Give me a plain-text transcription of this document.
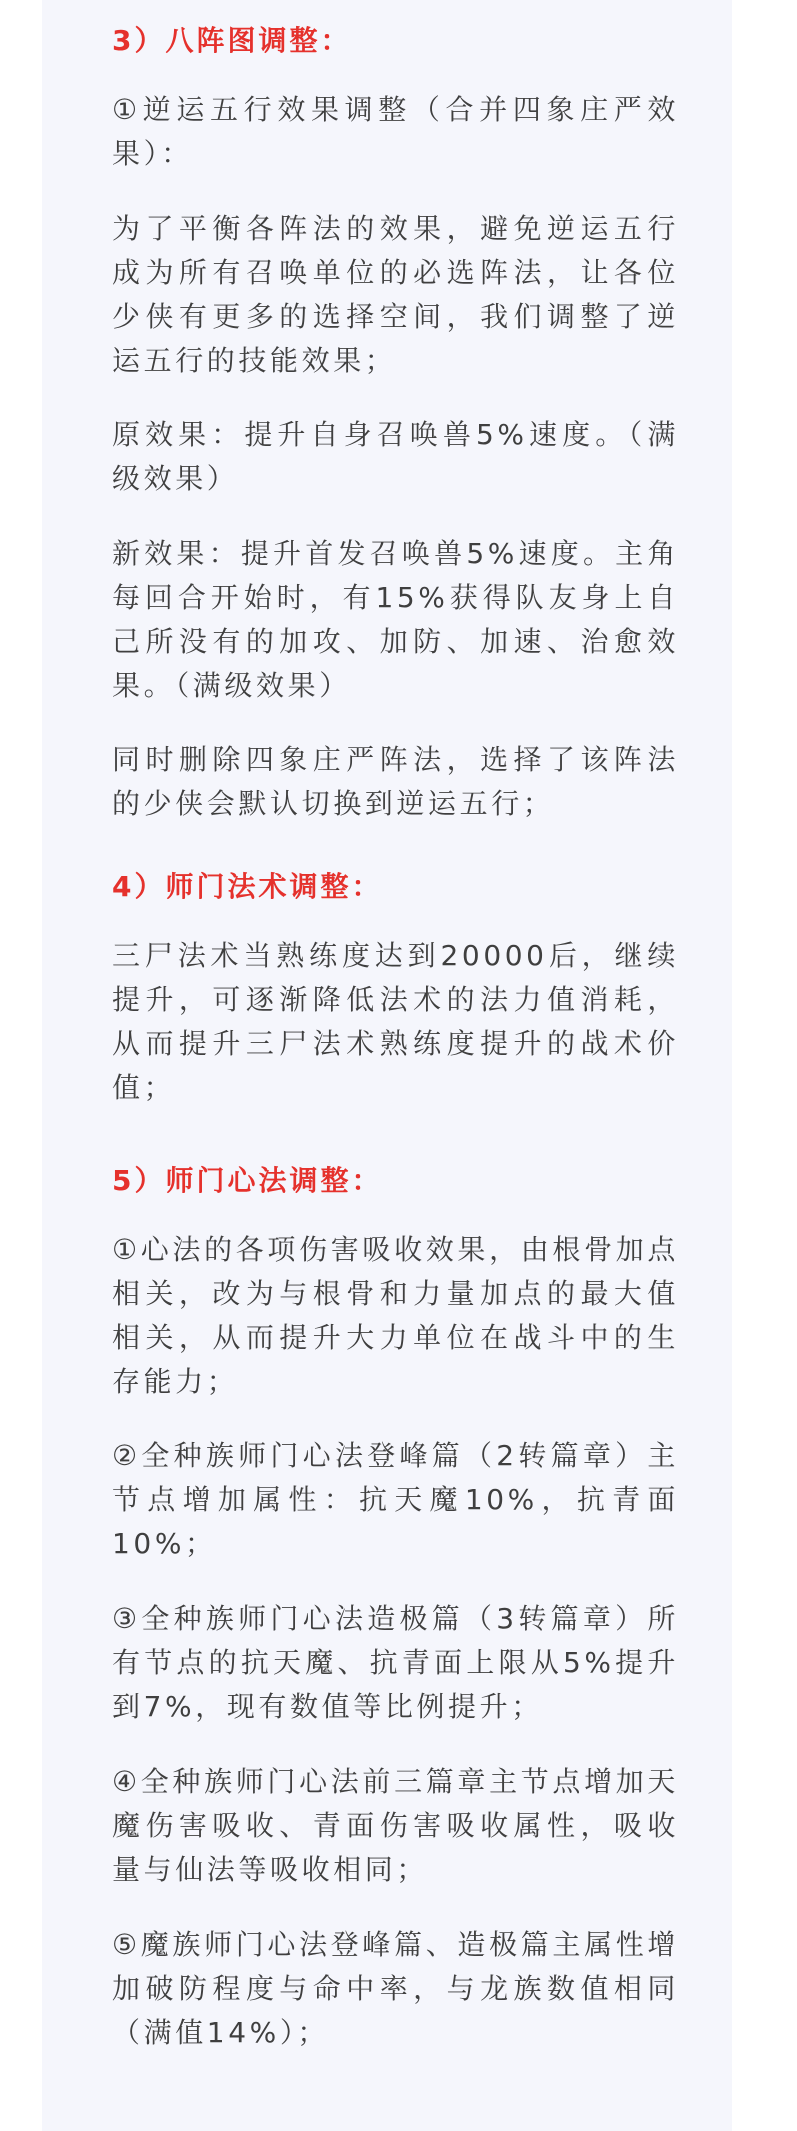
3）八阵图调整：

①逆运五行效果调整（合并四象庄严效果）：

为了平衡各阵法的效果，避免逆运五行成为所有召唤单位的必选阵法，让各位少侠有更多的选择空间，我们调整了逆运五行的技能效果；

原效果：提升自身召唤兽5%速度。（满级效果）

新效果：提升首发召唤兽5%速度。主角每回合开始时，有15%获得队友身上自己所没有的加攻、加防、加速、治愈效果。（满级效果）

同时删除四象庄严阵法，选择了该阵法的少侠会默认切换到逆运五行；

4）师门法术调整：

三尸法术当熟练度达到20000后，继续提升，可逐渐降低法术的法力值消耗，从而提升三尸法术熟练度提升的战术价值；

5）师门心法调整：

①心法的各项伤害吸收效果，由根骨加点相关，改为与根骨和力量加点的最大值相关，从而提升大力单位在战斗中的生存能力；

②全种族师门心法登峰篇（2转篇章）主节点增加属性：抗天魔10%，抗青面10%；

③全种族师门心法造极篇（3转篇章）所有节点的抗天魔、抗青面上限从5%提升到7%，现有数值等比例提升；

④全种族师门心法前三篇章主节点增加天魔伤害吸收、青面伤害吸收属性，吸收量与仙法等吸收相同；

⑤魔族师门心法登峰篇、造极篇主属性增加破防程度与命中率，与龙族数值相同（满值14%）；
